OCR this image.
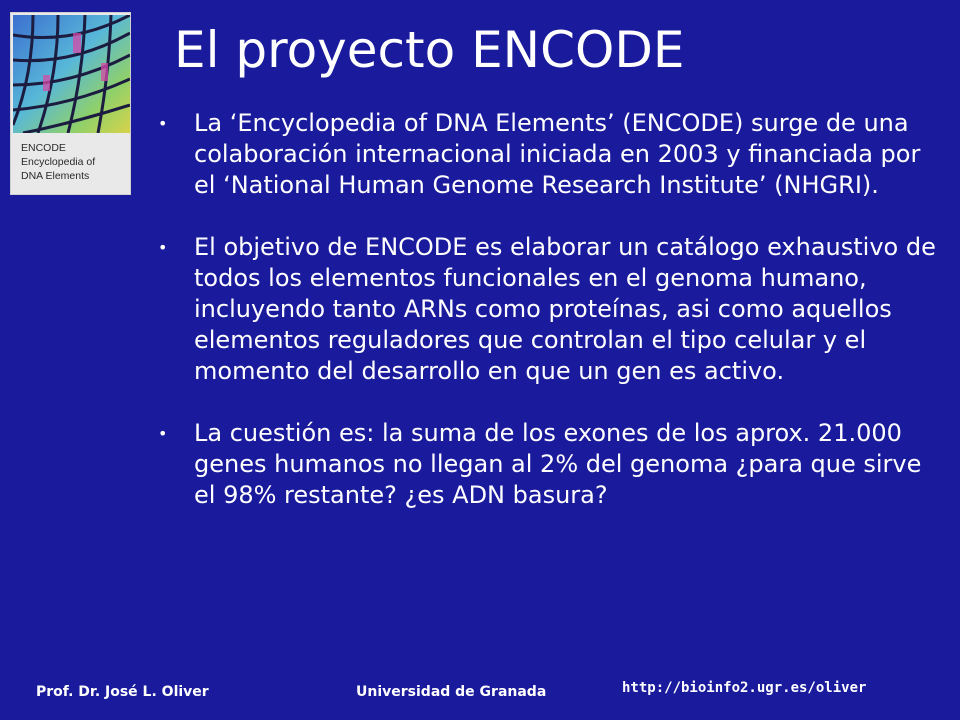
ENCODE
Encyclopedia of
DNA Elements
El proyecto ENCODE
•	La ‘Encyclopedia of DNA Elements’ (ENCODE) surge de una colaboración internacional iniciada en 2003 y financiada por el ‘National Human Genome Research Institute’ (NHGRI).
•	El objetivo de ENCODE es elaborar un catálogo exhaustivo de todos los elementos funcionales en el genoma humano, incluyendo tanto ARNs como proteínas, asi como aquellos elementos reguladores que controlan el tipo celular y el momento del desarrollo en que un gen es activo.
•	La cuestión es: la suma de los exones de los aprox. 21.000 genes humanos no llegan al 2% del genoma ¿para que sirve el 98% restante? ¿es ADN basura?
Prof. Dr. José L. Oliver	Universidad de Granada	http://bioinfo2.ugr.es/oliver
